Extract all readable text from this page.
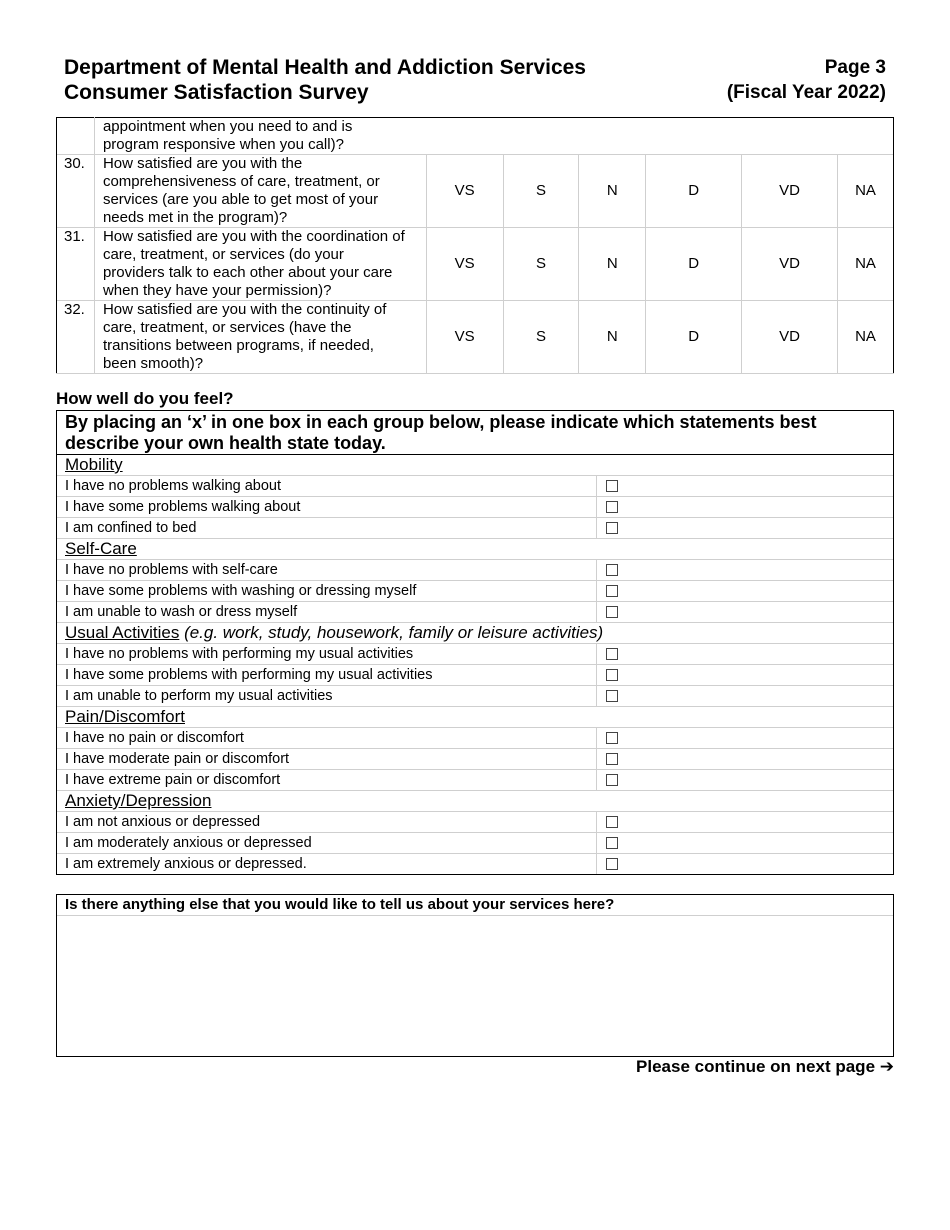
Department of Mental Health and Addiction Services
Consumer Satisfaction Survey
Page 3
(Fiscal Year 2022)

	appointment when you need to and is
program responsive when you call)?						

30.	How satisfied are you with the
comprehensiveness of care, treatment, or
services (are you able to get most of your
needs met in the program)?	VS	S	N	D	VD	NA
31.	How satisfied are you with the coordination of
care, treatment, or services (do your
providers talk to each other about your care
when they have your permission)?	VS	S	N	D	VD	NA
32.	How satisfied are you with the continuity of
care, treatment, or services (have the
transitions between programs, if needed,
been smooth)?	VS	S	N	D	VD	NA
How well do you feel?
By placing an ‘x’ in one box in each group below, please indicate which statements best describe your own health state today.
Mobility
I have no problems walking about
I have some problems walking about
I am confined to bed
Self-Care
I have no problems with self-care
I have some problems with washing or dressing myself
I am unable to wash or dress myself
Usual Activities (e.g. work, study, housework, family or leisure activities)
I have no problems with performing my usual activities
I have some problems with performing my usual activities
I am unable to perform my usual activities
Pain/Discomfort
I have no pain or discomfort
I have moderate pain or discomfort
I have extreme pain or discomfort
Anxiety/Depression
I am not anxious or depressed
I am moderately anxious or depressed
I am extremely anxious or depressed.
Is there anything else that you would like to tell us about your services here?
Please continue on next page ➔
